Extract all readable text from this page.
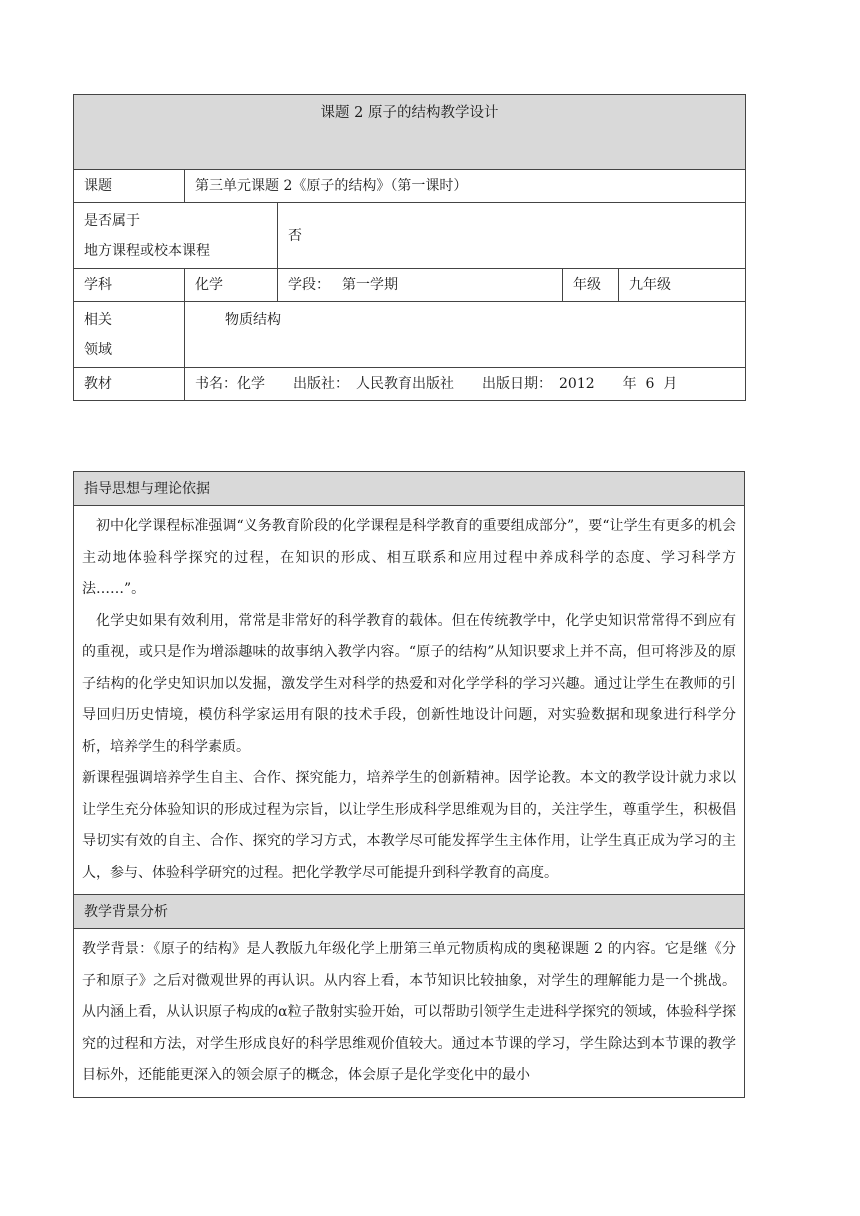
课题 2 原子的结构教学设计				
课题	第三单元课题 2《原子的结构》（第一课时）			

是否属于
地方课程或校本课程		否		
学科	化学	学段： 第一学期	年级	九年级

相关
领域	物质结构			
教材	书名：化学　　出版社：　人民教育出版社　　出版日期：　2012　　年  6  月			
指导思想与理论依据

初中化学课程标准强调“义务教育阶段的化学课程是科学教育的重要组成部分”，要“让学生有更多的机会主动地体验科学探究的过程，在知识的形成、相互联系和应用过程中养成科学的态度、学习科学方法……”。

化学史如果有效利用，常常是非常好的科学教育的载体。但在传统教学中，化学史知识常常得不到应有的重视，或只是作为增添趣味的故事纳入教学内容。“原子的结构”从知识要求上并不高，但可将涉及的原子结构的化学史知识加以发掘，激发学生对科学的热爱和对化学学科的学习兴趣。通过让学生在教师的引导回归历史情境，模仿科学家运用有限的技术手段，创新性地设计问题，对实验数据和现象进行科学分析，培养学生的科学素质。

新课程强调培养学生自主、合作、探究能力，培养学生的创新精神。因学论教。本文的教学设计就力求以让学生充分体验知识的形成过程为宗旨，以让学生形成科学思维观为目的，关注学生，尊重学生，积极倡导切实有效的自主、合作、探究的学习方式，本教学尽可能发挥学生主体作用，让学生真正成为学习的主人，参与、体验科学研究的过程。把化学教学尽可能提升到科学教育的高度。

教学背景分析

教学背景：《原子的结构》是人教版九年级化学上册第三单元物质构成的奥秘课题 2 的内容。它是继《分子和原子》之后对微观世界的再认识。从内容上看，本节知识比较抽象，对学生的理解能力是一个挑战。从内涵上看，从认识原子构成的α粒子散射实验开始，可以帮助引领学生走进科学探究的领域，体验科学探究的过程和方法，对学生形成良好的科学思维观价值较大。通过本节课的学习，学生除达到本节课的教学目标外，还能能更深入的领会原子的概念，体会原子是化学变化中的最小
